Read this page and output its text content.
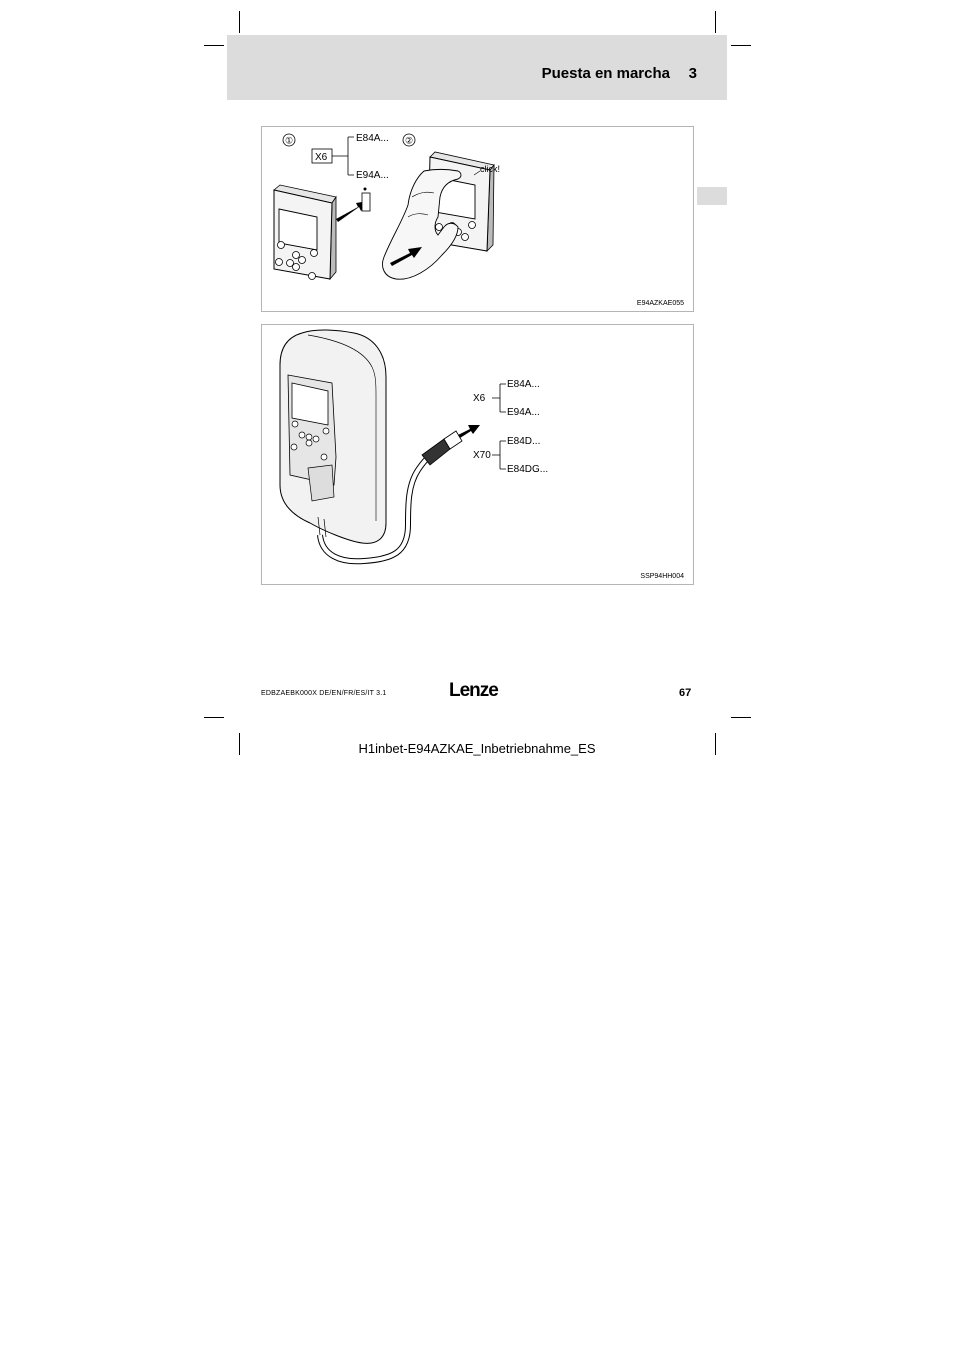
Puesta en marcha 3
①	②
X6
E84A...
E94A...
click!
E94AZKAE055
X6
E84A...
E94A...
X70
E84D...
E84DG...
SSP94HH004
EDBZAEBK000X DE/EN/FR/ES/IT 3.1	Lenze	67
H1inbet-E94AZKAE_Inbetriebnahme_ES
